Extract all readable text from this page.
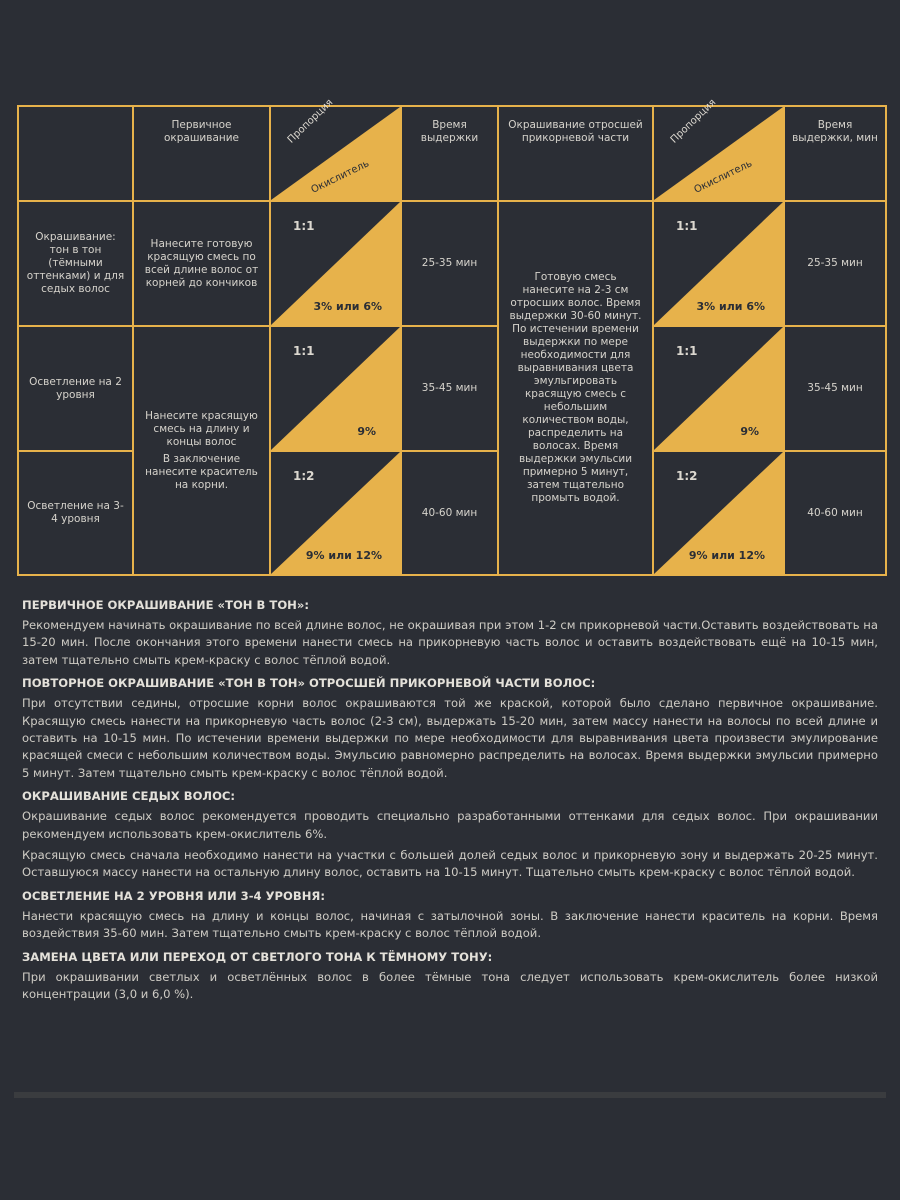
Первичное окрашивание	Пропорция
Окислитель
Время выдержки
Окрашивание отросшей прикорневой части	Пропорция
Окислитель
Время выдержки, мин
Окрашивание: тон в тон (тёмными оттенками) и для седых волос
Нанесите готовую красящую смесь по всей длине волос от корней до кончиков
1:1
3% или 6%
25-35 мин
1:1
3% или 6%
25-35 мин
Осветление на 2 уровня
1:1
9%
35-45 мин
1:1
9%
35-45 мин
Осветление на 3-4 уровня
1:2
9% или 12%
40-60 мин
1:2
9% или 12%
40-60 мин
Нанесите красящую смесь на длину и концы волос
В заключение нанесите краситель на корни.
Готовую смесь нанесите на 2-3 см отросших волос. Время выдержки 30-60 минут. По истечении времени выдержки по мере необходимости для выравнивания цвета эмульгировать красящую смесь с небольшим количеством воды, распределить на волосах. Время выдержки эмульсии примерно 5 минут, затем тщательно промыть водой.
ПЕРВИЧНОЕ ОКРАШИВАНИЕ «ТОН В ТОН»:
Рекомендуем начинать окрашивание по всей длине волос, не окрашивая при этом 1-2 см прикорневой части.Оставить воздействовать на 15-20 мин. После окончания этого времени нанести смесь на прикорневую часть волос и оставить воздействовать ещё на 10-15 мин, затем тщательно смыть крем-краску с волос тёплой водой.
ПОВТОРНОЕ ОКРАШИВАНИЕ «ТОН В ТОН» ОТРОСШЕЙ ПРИКОРНЕВОЙ ЧАСТИ ВОЛОС:
При отсутствии седины, отросшие корни волос окрашиваются той же краской, которой было сделано первичное окрашивание. Красящую смесь нанести на прикорневую часть волос (2-3 см), выдержать 15-20 мин, затем массу нанести на волосы по всей длине и оставить на 10-15 мин. По истечении времени выдержки по мере необходимости для выравнивания цвета произвести эмулирование красящей смеси с небольшим количеством воды. Эмульсию равномерно распределить на волосах. Время выдержки эмульсии примерно 5 минут. Затем тщательно смыть крем-краску с волос тёплой водой.
ОКРАШИВАНИЕ СЕДЫХ ВОЛОС:
Окрашивание седых волос рекомендуется проводить специально разработанными оттенками для седых волос. При окрашивании рекомендуем использовать крем-окислитель 6%.
Красящую смесь сначала необходимо нанести на участки с большей долей седых волос и прикорневую зону и выдержать 20-25 минут. Оставшуюся массу нанести на остальную длину волос, оставить на 10-15 минут. Тщательно смыть крем-краску с волос тёплой водой.
ОСВЕТЛЕНИЕ НА 2 УРОВНЯ ИЛИ 3-4 УРОВНЯ:
Нанести красящую смесь на длину и концы волос, начиная с затылочной зоны. В заключение нанести краситель на корни. Время воздействия 35-60 мин. Затем тщательно смыть крем-краску с волос тёплой водой.
ЗАМЕНА ЦВЕТА ИЛИ ПЕРЕХОД ОТ СВЕТЛОГО ТОНА К ТЁМНОМУ ТОНУ:
При окрашивании светлых и осветлённых волос в более тёмные тона следует использовать крем-окислитель более низкой концентрации (3,0 и 6,0 %).
